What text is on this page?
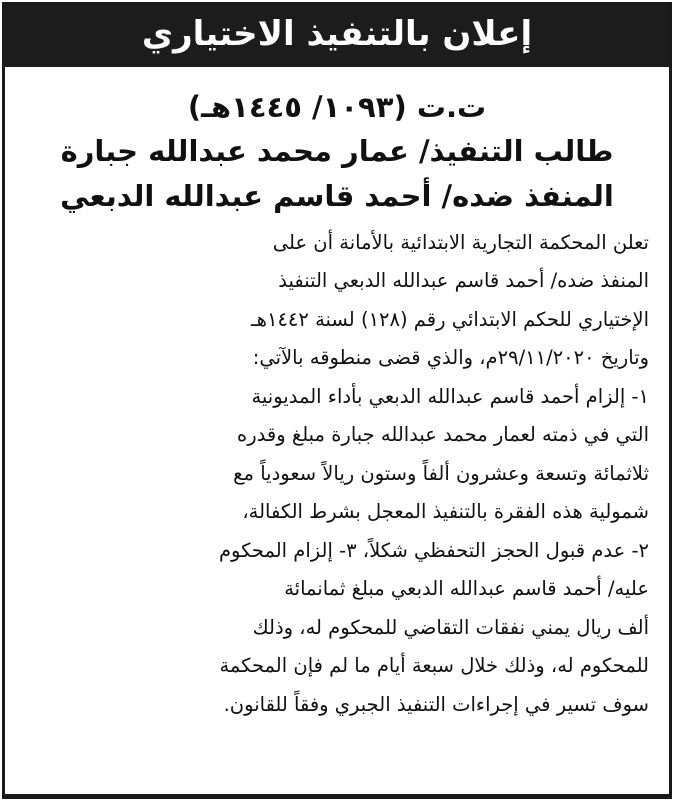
إعلان بالتنفيذ الاختياري

ت.ت (١٠٩٣/ ١٤٤٥هـ)

طالب التنفيذ/ عمار محمد عبدالله جبارة

المنفذ ضده/ أحمد قاسم عبدالله الدبعي

تعلن المحكمة التجارية الابتدائية بالأمانة أن على

المنفذ ضده/ أحمد قاسم عبدالله الدبعي التنفيذ

الإختياري للحكم الابتدائي رقم (١٢٨) لسنة ١٤٤٢هـ

وتاريخ ٢٩/١١/٢٠٢٠م، والذي قضى منطوقه بالآتي:

١- إلزام أحمد قاسم عبدالله الدبعي بأداء المديونية

التي في ذمته لعمار محمد عبدالله جبارة مبلغ وقدره

ثلاثمائة وتسعة وعشرون ألفاً وستون ريالاً سعودياً مع

شمولية هذه الفقرة بالتنفيذ المعجل بشرط الكفالة،

٢- عدم قبول الحجز التحفظي شكلاً، ٣- إلزام المحكوم

عليه/ أحمد قاسم عبدالله الدبعي مبلغ ثمانمائة

ألف ريال يمني نفقات التقاضي للمحكوم له، وذلك

للمحكوم له، وذلك خلال سبعة أيام ما لم فإن المحكمة

سوف تسير في إجراءات التنفيذ الجبري وفقاً للقانون.
